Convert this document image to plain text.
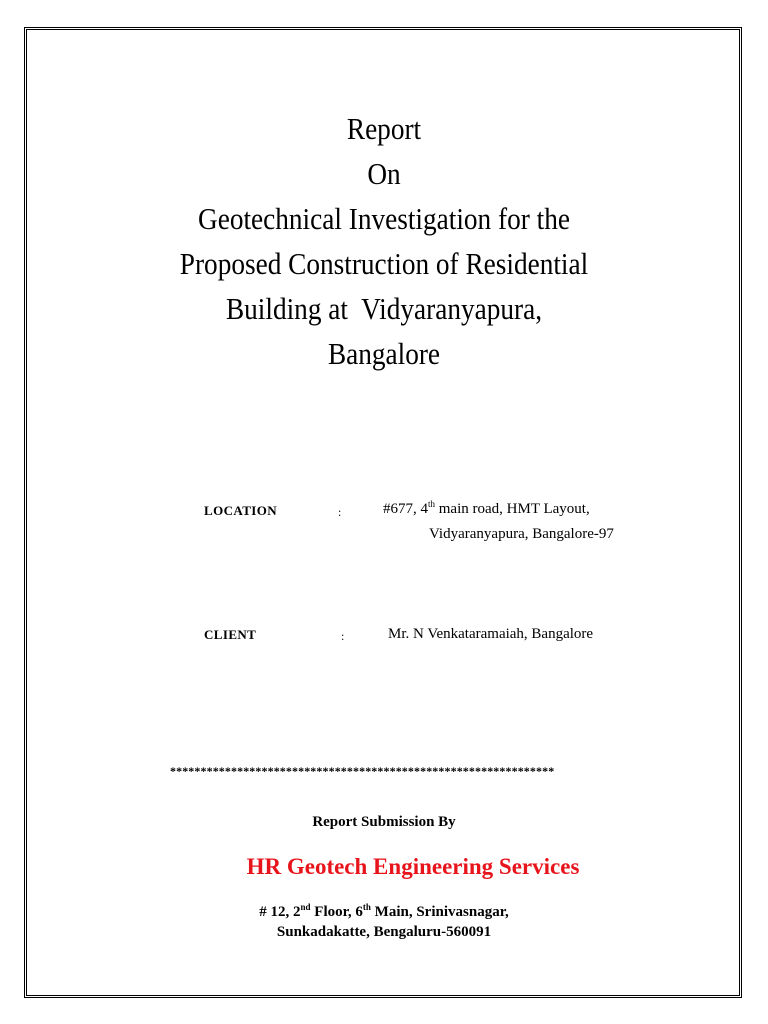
Report
On
Geotechnical Investigation for the
Proposed Construction of Residential
Building at  Vidyaranyapura,
Bangalore
LOCATION	:	#677, 4th main road, HMT Layout,
Vidyaranyapura, Bangalore-97
CLIENT	:	Mr. N Venkataramaiah, Bangalore
***************************************************************
Report Submission By
HR Geotech Engineering Services
# 12, 2nd Floor, 6th Main, Srinivasnagar,
Sunkadakatte, Bengaluru-560091
